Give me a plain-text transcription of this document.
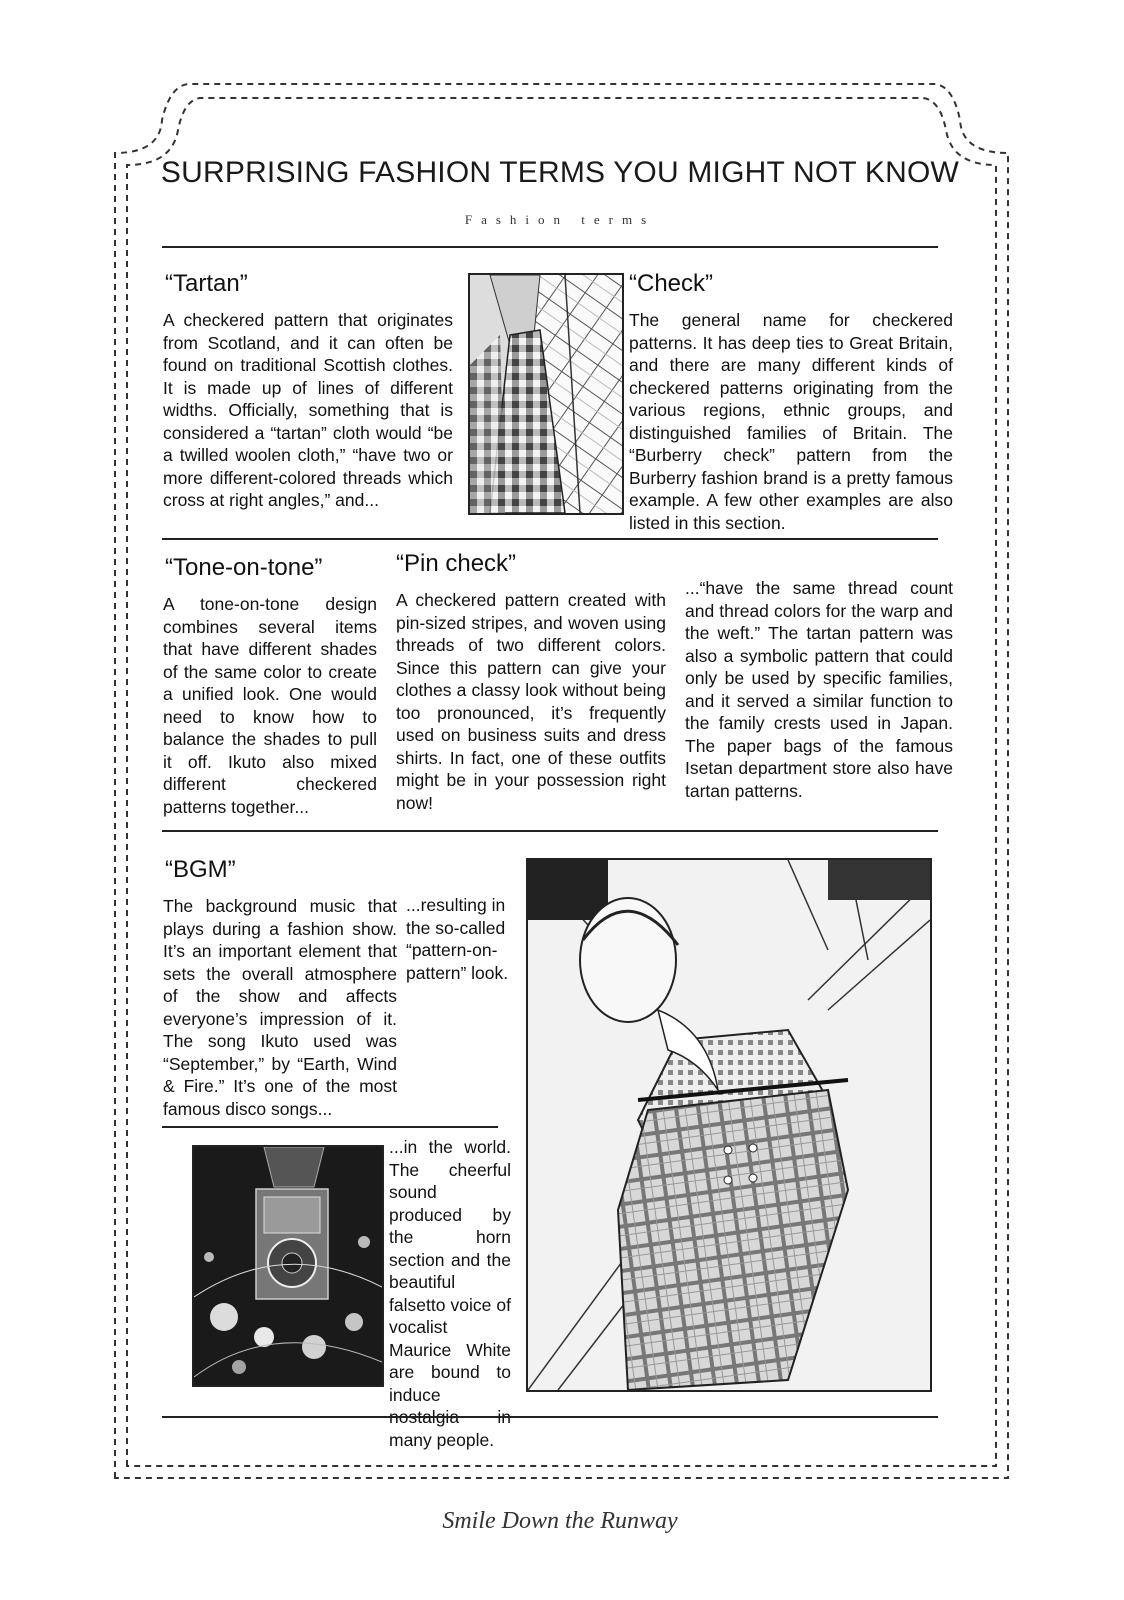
SURPRISING FASHION TERMS YOU MIGHT NOT KNOW
Fashion terms
“Tartan”

A checkered pattern that originates from Scotland, and it can often be found on traditional Scottish clothes. It is made up of lines of different widths. Officially, something that is considered a “tartan” cloth would “be a twilled woolen cloth,” “have two or more different-colored threads which cross at right angles,” and...

“Check”

The general name for checkered patterns. It has deep ties to Great Britain, and there are many different kinds of checkered patterns originating from the various regions, ethnic groups, and distinguished families of Britain. The “Burberry check” pattern from the Burberry fashion brand is a pretty famous example. A few other examples are also listed in this section.

“Tone-on-tone”

A tone-on-tone design combines several items that have different shades of the same color to create a unified look. One would need to know how to balance the shades to pull it off. Ikuto also mixed different checkered patterns together...

“Pin check”

A checkered pattern created with pin-sized stripes, and woven using threads of two different colors. Since this pattern can give your clothes a classy look without being too pronounced, it’s frequently used on business suits and dress shirts. In fact, one of these outfits might be in your possession right now!

...“have the same thread count and thread colors for the warp and the weft.” The tartan pattern was also a symbolic pattern that could only be used by specific families, and it served a similar function to the family crests used in Japan. The paper bags of the famous Isetan department store also have tartan patterns.

“BGM”

The background music that plays during a fashion show. It’s an important element that sets the overall atmosphere of the show and affects everyone’s impression of it. The song Ikuto used was “September,” by “Earth, Wind & Fire.” It’s one of the most famous disco songs...

...resulting in the so-called “pattern-on-pattern” look.

...in the world. The cheerful sound produced by the horn section and the beautiful falsetto voice of vocalist Maurice White are bound to induce nostalgia in many people.

Smile Down the Runway
